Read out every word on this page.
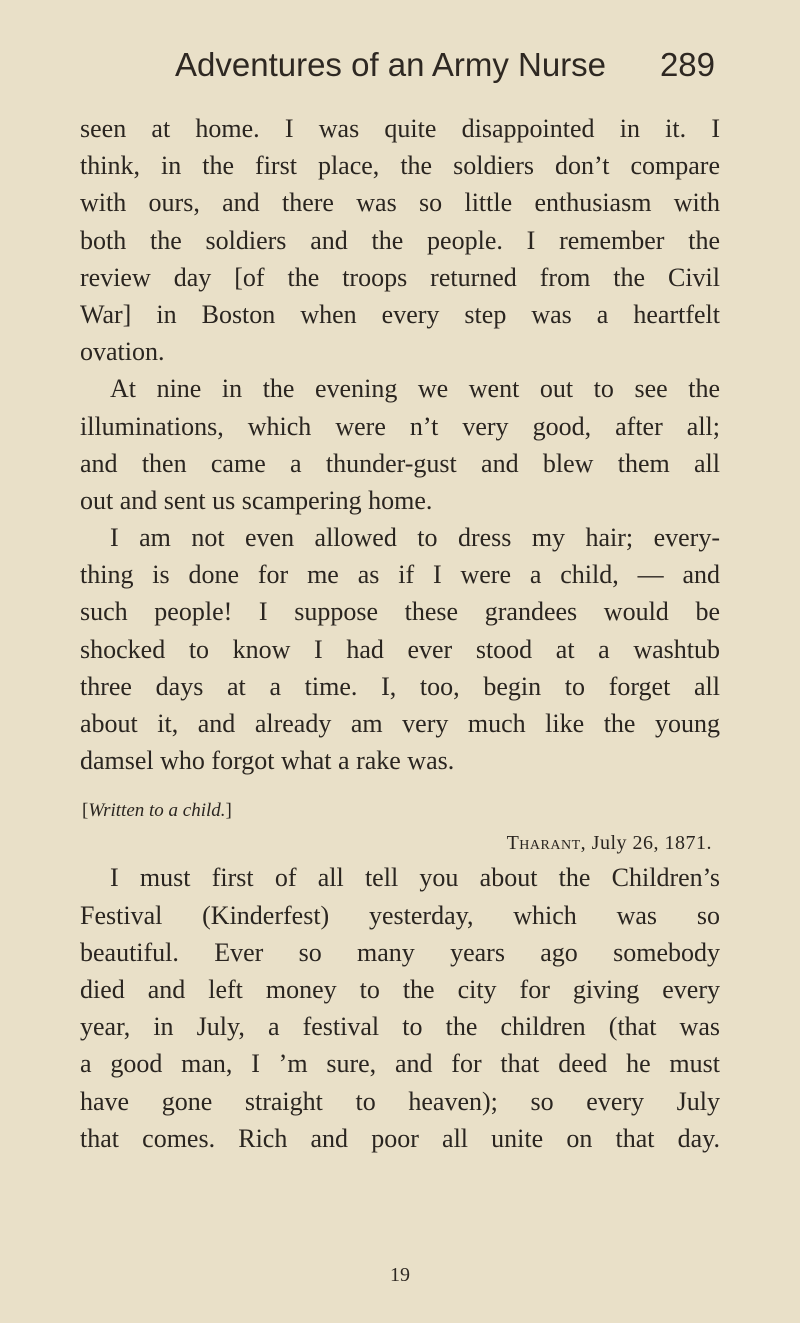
Adventures of an Army Nurse 289
seen at home. I was quite disappointed in it. I
think, in the first place, the soldiers don’t compare
with ours, and there was so little enthusiasm with
both the soldiers and the people. I remember the
review day [of the troops returned from the Civil
War] in Boston when every step was a heartfelt
ovation.
At nine in the evening we went out to see the
illuminations, which were n’t very good, after all;
and then came a thunder-gust and blew them all
out and sent us scampering home.
I am not even allowed to dress my hair; every-
thing is done for me as if I were a child, — and
such people! I suppose these grandees would be
shocked to know I had ever stood at a washtub
three days at a time. I, too, begin to forget all
about it, and already am very much like the young
damsel who forgot what a rake was.
[Written to a child.]
Tharant, July 26, 1871.
I must first of all tell you about the Children’s
Festival (Kinderfest) yesterday, which was so
beautiful. Ever so many years ago somebody
died and left money to the city for giving every
year, in July, a festival to the children (that was
a good man, I ’m sure, and for that deed he must
have gone straight to heaven); so every July
that comes. Rich and poor all unite on that day.
19
